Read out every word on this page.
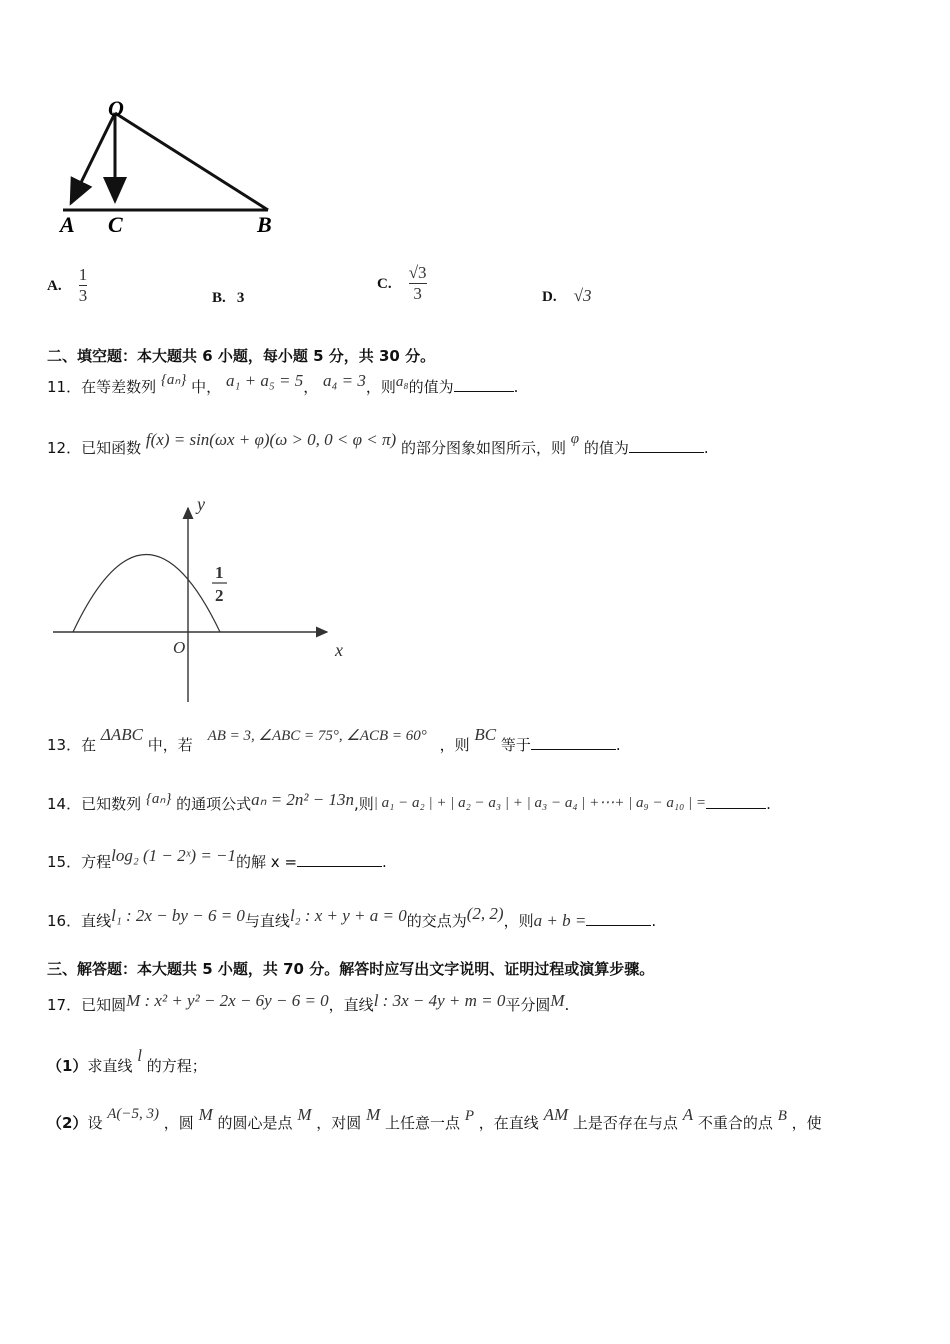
O
A C	B
A. $\frac{1}{3}$	B. 3
C. $\frac{√3}{3}$	D. √3
二、填空题：本大题共 6 小题，每小题 5 分，共 30 分。
11．在等差数列 {aₙ} 中， a₁ + a₅ = 5， a₄ = 3，则a₈的值为	.
12．已知函数 f(x) = sin(ωx + φ)(ω > 0, 0 < φ < π) 的部分图象如图所示，则 φ 的值为	.
y
x
O
1
2
13．在 ΔABC 中，若 AB = 3, ∠ABC = 75°, ∠ACB = 60° ，则 BC 等于	.
14．已知数列 {aₙ} 的通项公式aₙ = 2n² − 13n,则| a₁ − a₂ | + | a₂ − a₃ | + | a₃ − a₄ | +⋯+ | a₉ − a₁₀ | =	.
15．方程log₂ (1 − 2ˣ) = −1的解 x =	.
16．直线l₁ : 2x − by − 6 = 0与直线l₂ : x + y + a = 0的交点为(2, 2)，则a + b =	.
三、解答题：本大题共 5 小题，共 70 分。解答时应写出文字说明、证明过程或演算步骤。
17．已知圆M : x² + y² − 2x − 6y − 6 = 0，直线l : 3x − 4y + m = 0平分圆M.
（1）求直线 l 的方程；
（2）设 A(−5, 3) ，圆 M 的圆心是点 M ，对圆 M 上任意一点 P ，在直线 AM 上是否存在与点 A 不重合的点 B ，使
